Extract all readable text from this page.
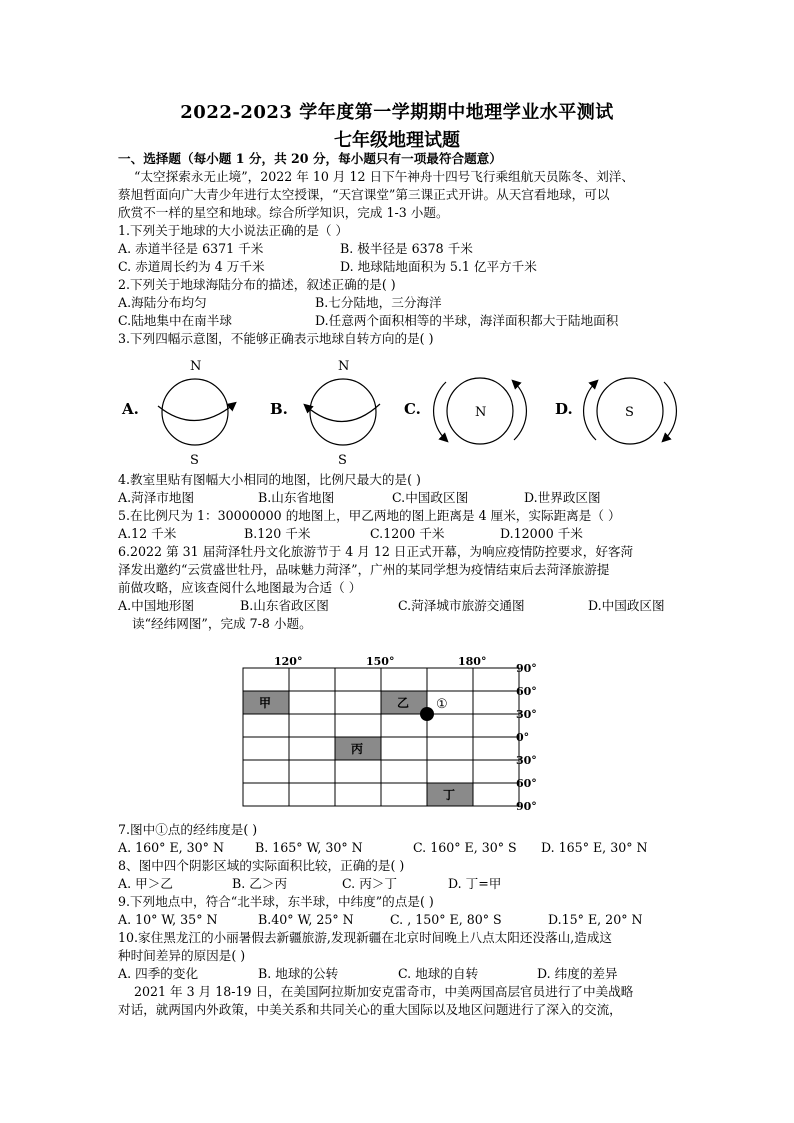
2022-2023 学年度第一学期期中地理学业水平测试
七年级地理试题
一、选择题（每小题 1 分，共 20 分，每小题只有一项最符合题意）
“太空探索永无止境”，2022 年 10 月 12 日下午神舟十四号飞行乘组航天员陈冬、刘洋、
蔡旭哲面向广大青少年进行太空授课，“天宫课堂”第三课正式开讲。从天宫看地球，可以
欣赏不一样的星空和地球。综合所学知识，完成 1-3 小题。
1.下列关于地球的大小说法正确的是（ ）
A. 赤道半径是 6371 千米	B. 极半径是 6378 千米
C. 赤道周长约为 4 万千米	D. 地球陆地面积为 5.1 亿平方千米
2.下列关于地球海陆分布的描述，叙述正确的是( )
A.海陆分布均匀	B.七分陆地，三分海洋
C.陆地集中在南半球	D.任意两个面积相等的半球，海洋面积都大于陆地面积
3.下列四幅示意图，不能够正确表示地球自转方向的是( )
A.
N
S
B.
N
S
C.	N	D.	S
4.教室里贴有图幅大小相同的地图，比例尺最大的是( )
A.菏泽市地图	B.山东省地图	C.中国政区图	D.世界政区图
5.在比例尺为 1：30000000 的地图上，甲乙两地的图上距离是 4 厘米，实际距离是（ ）
A.12 千米	B.120 千米	C.1200 千米	D.12000 千米
6.2022 第 31 届菏泽牡丹文化旅游节于 4 月 12 日正式开幕，为响应疫情防控要求，好客菏
泽发出邀约“云赏盛世牡丹，品味魅力菏泽”，广州的某同学想为疫情结束后去菏泽旅游提
前做攻略，应该查阅什么地图最为合适（ ）
A.中国地形图	B.山东省政区图	C.菏泽城市旅游交通图	D.中国政区图
读“经纬网图”，完成 7-8 小题。
120°	150°	180°
90°
60°
30°
0°
30°
60°
90°
甲	乙
丙
丁
①
7.图中①点的经纬度是( )
A. 160° E, 30° N B. 165° W, 30° N	C. 160° E, 30° S D. 165° E, 30° N
8、图中四个阴影区域的实际面积比较，正确的是( )
A. 甲＞乙	B. 乙＞丙	C. 丙＞丁	D. 丁=甲
9.下列地点中，符合“北半球，东半球，中纬度”的点是( )
A. 10° W, 35° N	B.40° W, 25° N	C. , 150° E, 80° S	D.15° E, 20° N
10.家住黑龙江的小丽暑假去新疆旅游,发现新疆在北京时间晚上八点太阳还没落山,造成这
种时间差异的原因是( )
A. 四季的变化	B. 地球的公转	C. 地球的自转	D. 纬度的差异
2021 年 3 月 18-19 日，在美国阿拉斯加安克雷奇市，中美两国高层官员进行了中美战略
对话，就两国内外政策，中美关系和共同关心的重大国际以及地区问题进行了深入的交流，
